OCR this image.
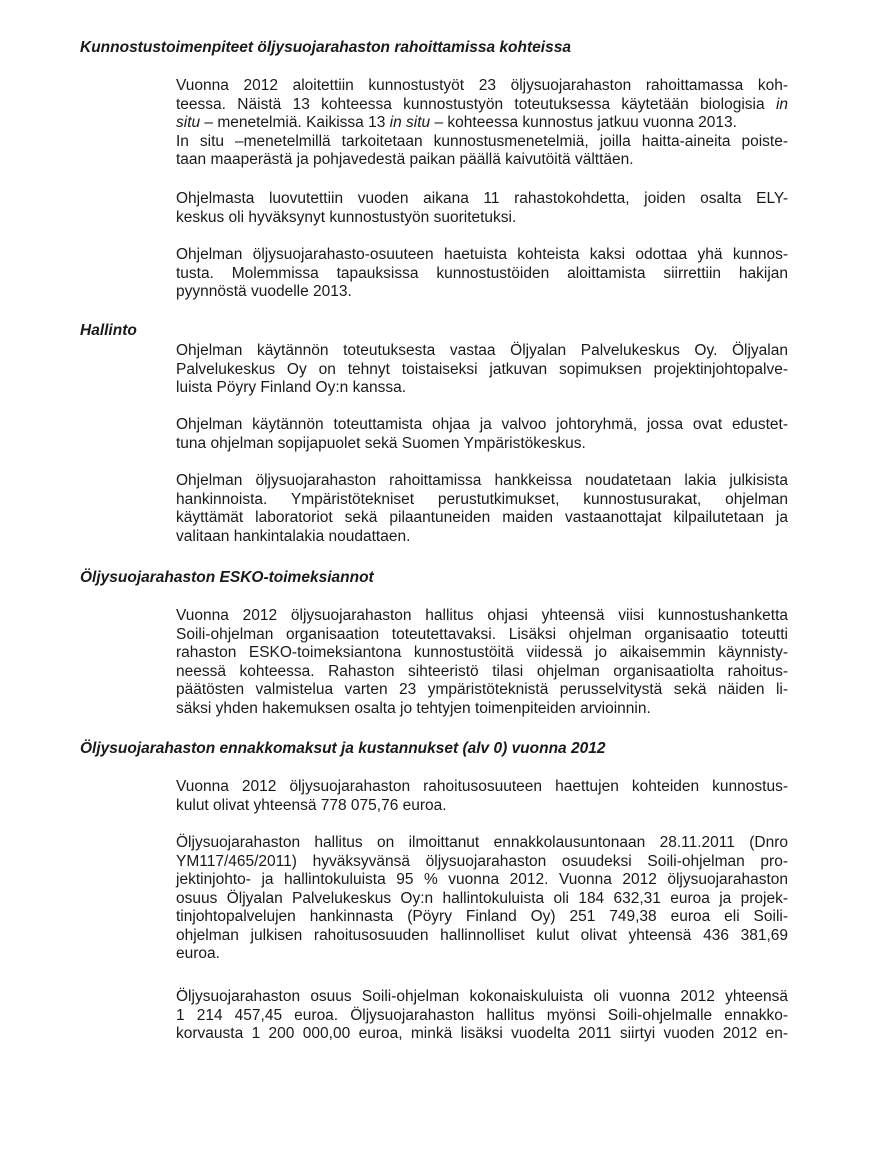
Kunnostustoimenpiteet öljysuojarahaston rahoittamissa kohteissa

Vuonna 2012 aloitettiin kunnostustyöt 23 öljysuojarahaston rahoittamassa koh-
teessa. Näistä 13 kohteessa kunnostustyön toteutuksessa käytetään biologisia in
situ – menetelmiä. Kaikissa 13 in situ – kohteessa kunnostus jatkuu vuonna 2013.
In situ –menetelmillä tarkoitetaan kunnostusmenetelmiä, joilla haitta-aineita poiste-
taan maaperästä ja pohjavedestä paikan päällä kaivutöitä välttäen.

Ohjelmasta luovutettiin vuoden aikana 11 rahastokohdetta, joiden osalta ELY-
keskus oli hyväksynyt kunnostustyön suoritetuksi.

Ohjelman öljysuojarahasto-osuuteen haetuista kohteista kaksi odottaa yhä kunnos-
tusta. Molemmissa tapauksissa kunnostustöiden aloittamista siirrettiin hakijan
pyynnöstä vuodelle 2013.

Hallinto

Ohjelman käytännön toteutuksesta vastaa Öljyalan Palvelukeskus Oy. Öljyalan
Palvelukeskus Oy on tehnyt toistaiseksi jatkuvan sopimuksen projektinjohtopalve-
luista Pöyry Finland Oy:n kanssa.

Ohjelman käytännön toteuttamista ohjaa ja valvoo johtoryhmä, jossa ovat edustet-
tuna ohjelman sopijapuolet sekä Suomen Ympäristökeskus.

Ohjelman öljysuojarahaston rahoittamissa hankkeissa noudatetaan lakia julkisista
hankinnoista. Ympäristötekniset perustutkimukset, kunnostusurakat, ohjelman
käyttämät laboratoriot sekä pilaantuneiden maiden vastaanottajat kilpailutetaan ja
valitaan hankintalakia noudattaen.

Öljysuojarahaston ESKO-toimeksiannot

Vuonna 2012 öljysuojarahaston hallitus ohjasi yhteensä viisi kunnostushanketta
Soili-ohjelman organisaation toteutettavaksi. Lisäksi ohjelman organisaatio toteutti
rahaston ESKO-toimeksiantona kunnostustöitä viidessä jo aikaisemmin käynnisty-
neessä kohteessa. Rahaston sihteeristö tilasi ohjelman organisaatiolta rahoitus-
päätösten valmistelua varten 23 ympäristöteknistä perusselvitystä sekä näiden li-
säksi yhden hakemuksen osalta jo tehtyjen toimenpiteiden arvioinnin.

Öljysuojarahaston ennakkomaksut ja kustannukset (alv 0) vuonna 2012

Vuonna 2012 öljysuojarahaston rahoitusosuuteen haettujen kohteiden kunnostus-
kulut olivat yhteensä 778 075,76 euroa.

Öljysuojarahaston hallitus on ilmoittanut ennakkolausuntonaan 28.11.2011 (Dnro
YM117/465/2011) hyväksyvänsä öljysuojarahaston osuudeksi Soili-ohjelman pro-
jektinjohto- ja hallintokuluista 95 % vuonna 2012. Vuonna 2012 öljysuojarahaston
osuus Öljyalan Palvelukeskus Oy:n hallintokuluista oli 184 632,31 euroa ja projek-
tinjohtopalvelujen hankinnasta (Pöyry Finland Oy) 251 749,38 euroa eli Soili-
ohjelman julkisen rahoitusosuuden hallinnolliset kulut olivat yhteensä 436 381,69
euroa.

Öljysuojarahaston osuus Soili-ohjelman kokonaiskuluista oli vuonna 2012 yhteensä
1 214 457,45 euroa. Öljysuojarahaston hallitus myönsi Soili-ohjelmalle ennakko-
korvausta 1 200 000,00 euroa, minkä lisäksi vuodelta 2011 siirtyi vuoden 2012 en-
